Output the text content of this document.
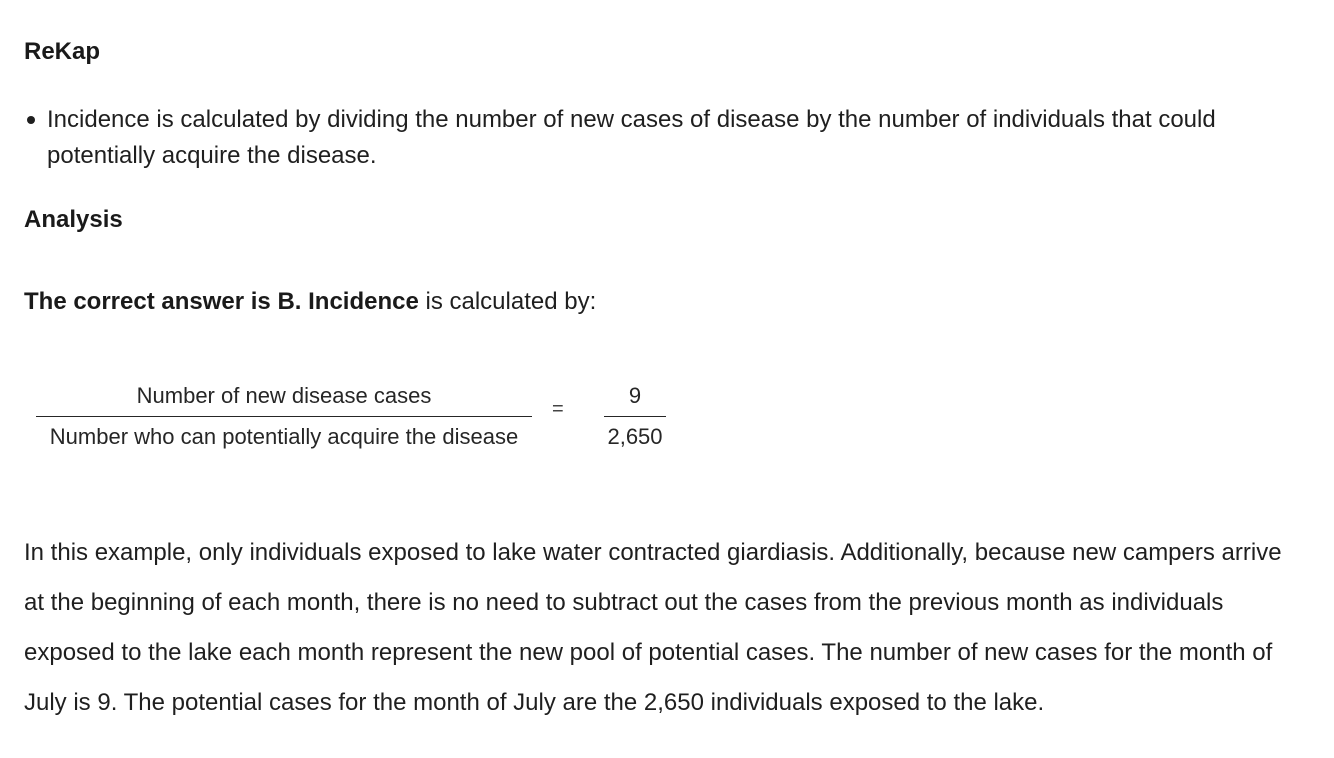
ReKap
Incidence is calculated by dividing the number of new cases of disease by the number of individuals that could potentially acquire the disease.
Analysis
The correct answer is B. Incidence is calculated by:
Number of new disease cases
Number who can potentially acquire the disease
=
9
2,650
In this example, only individuals exposed to lake water contracted giardiasis. Additionally, because new campers arrive at the beginning of each month, there is no need to subtract out the cases from the previous month as individuals exposed to the lake each month represent the new pool of potential cases. The number of new cases for the month of July is 9. The potential cases for the month of July are the 2,650 individuals exposed to the lake.
